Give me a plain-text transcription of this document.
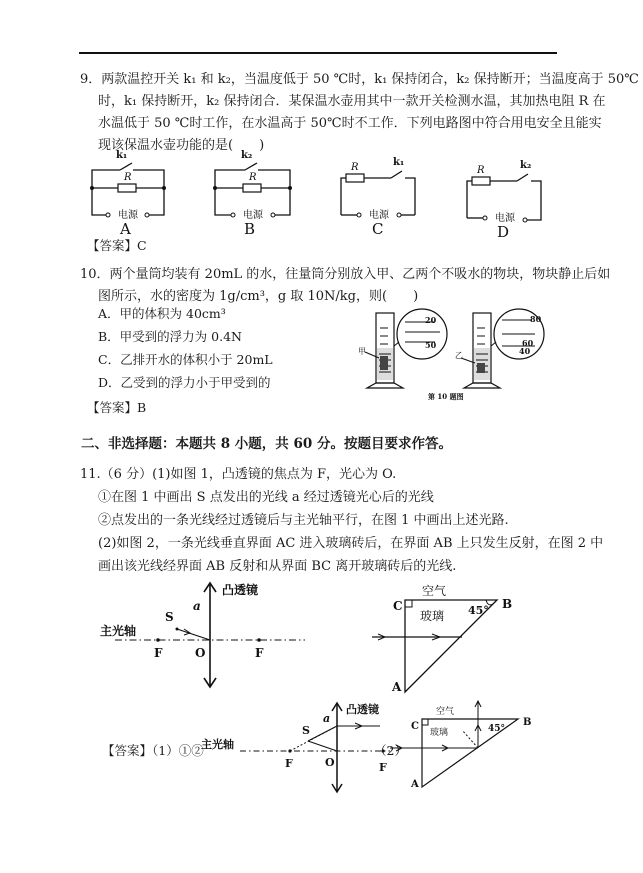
9．两款温控开关 k₁ 和 k₂，当温度低于 50 ℃时，k₁ 保持闭合，k₂ 保持断开；当温度高于 50℃
时，k₁ 保持断开，k₂ 保持闭合．某保温水壶用其中一款开关检测水温，其加热电阻 R 在
水温低于 50 ℃时工作，在水温高于 50℃时不工作．下列电路图中符合用电安全且能实
现该保温水壶功能的是(　　)
k₁
R
电源
A
k₂
R
电源
B
k₁
R
电源
C
k₂
R
电源
D
【答案】C
10．两个量筒均装有 20mL 的水，往量筒分别放入甲、乙两个不吸水的物块，物块静止后如
图所示，水的密度为 1g/cm³，g 取 10N/kg，则(　　)
A．甲的体积为 40cm³
B．甲受到的浮力为 0.4N
C．乙排开水的体积小于 20mL
D．乙受到的浮力小于甲受到的
【答案】B
甲
20
50
乙
80
60
40
第 10 题图
二、非选择题：本题共 8 小题，共 60 分。按题目要求作答。
11.（6 分）(1)如图 1，凸透镜的焦点为 F，光心为 O.
①在图 1 中画出 S 点发出的光线 a 经过透镜光心后的光线
②点发出的一条光线经过透镜后与主光轴平行，在图 1 中画出上述光路.
(2)如图 2，一条光线垂直界面 AC 进入玻璃砖后，在界面 AB 上只发生反射，在图 2 中
画出该光线经界面 AB 反射和从界面 BC 离开玻璃砖后的光线.
凸透镜
主光轴
F	F
O
S
a
空气
玻璃 45°
C	B
A
【答案】（1）①②
凸透镜
主光轴
F	F
O
S
a
（2）
C	B
A
空气
玻璃	45°
